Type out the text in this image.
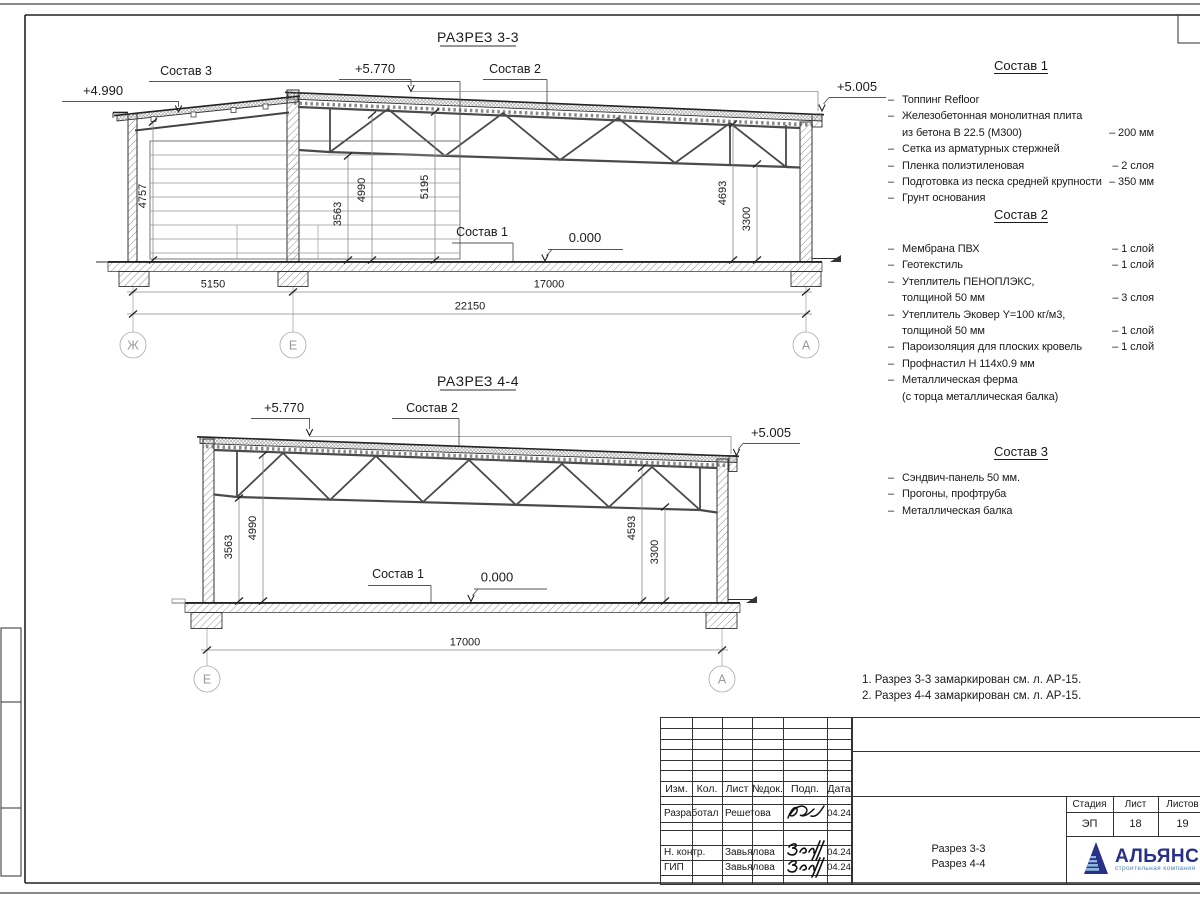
4757	5195
3563
4990	4693
3300
5150	17000
22150
РАЗРЕЗ 3-3
+4.990
Состав 3	+5.770	Состав 2
+5.005
Состав 1	0.000
Ж	Е	А
3563
4990	4593
3300
17000
РАЗРЕЗ 4-4
+5.770	Состав 2
+5.005
Состав 1	0.000
Е	А
Состав 1
– Топпинг Refloor
– Железобетонная монолитная плита
из бетона В 22.5 (М300)	– 200 мм
– Сетка из арматурных стержней
– Пленка полиэтиленовая	– 2 слоя
– Подготовка из песка средней крупности – 350 мм
– Грунт основания
Состав 2
– Мембрана ПВХ	– 1 слой
– Геотекстиль	– 1 слой
– Утеплитель ПЕНОПЛЭКС,
толщиной 50 мм	– 3 слоя
– Утеплитель Эковер Y=100 кг/м3,
толщиной 50 мм	– 1 слой
– Пароизоляция для плоских кровель	– 1 слой
– Профнастил Н 114х0.9 мм
– Металлическая ферма
(с торца металлическая балка)
Состав 3
– Сэндвич-панель 50 мм.
– Прогоны, профтруба
– Металлическая балка
1. Разрез 3-3 замаркирован см. л. АР-15.
2. Разрез 4-4 замаркирован см. л. АР-15.
Изм. Кол. Лист №док. Подп. Дата
Разработал Решетова	04.24
Н. контр.	Завьялова	04.24
ГИП	Завьялова	04.24
Стадия	Лист	Листов
ЭП	18	19
Разрез 3-3
Разрез 4-4	АЛЬЯНС
строительная компания
